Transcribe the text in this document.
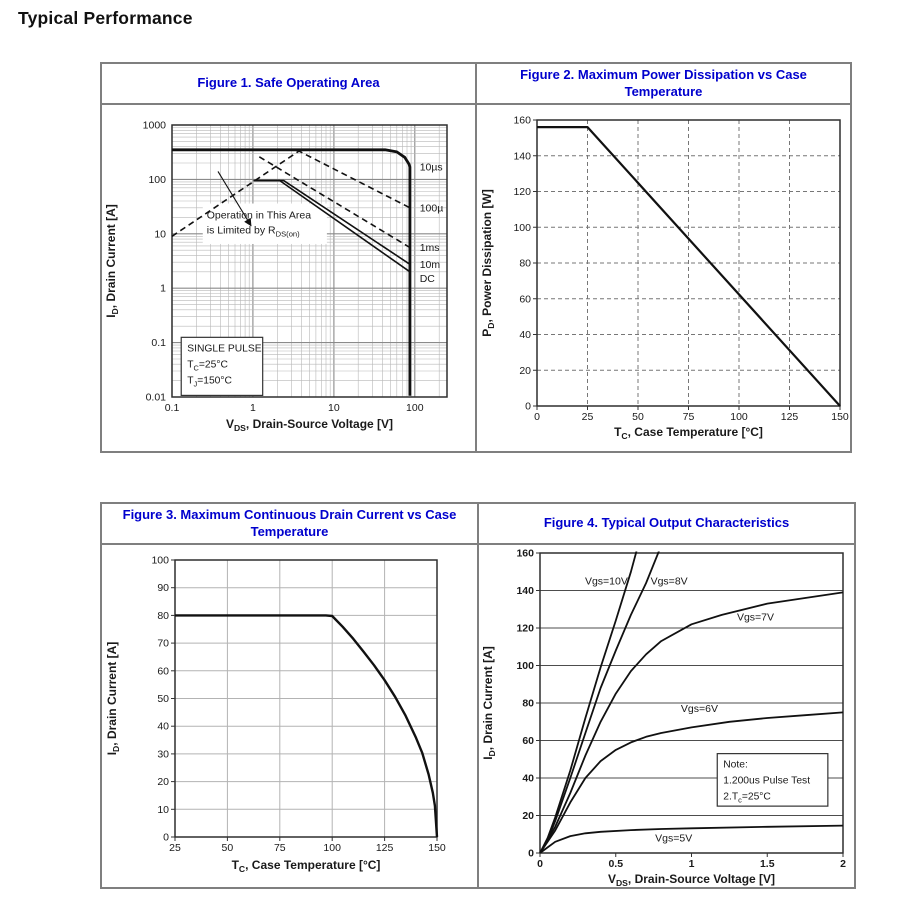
Typical Performance
Figure 1. Safe Operating Area
Figure 2. Maximum Power Dissipation vs Case Temperature
0.1	1	10	100
1000
100
10
1
0.1
0.01
$V_{DS}$, Drain-Source Voltage [V]
$I_D$, Drain Current [A]
10µs
100µ
1ms
10m
DC
SINGLE PULSE
$T_C=25^\circ C$
$T_J=150^\circ C$
Operation in This Area
is Limited by $R_{DS(on)}$
0	25	50	75	100	125	150
0
20
40
60
80
100
120
140
160
$T_C$, Case Temperature [°C]
$P_D$, Power Dissipation [W]
Figure 3. Maximum Continuous Drain Current vs Case Temperature
Figure 4. Typical Output Characteristics
25	50	75	100	125	150
0
10
20
30
40
50
60
70
80
90
100
$T_C$, Case Temperature [°C]
$I_D$, Drain Current [A]
0	0.5	1	1.5	2
0
20
40
60
80
100
120
140
160
$V_{DS}$, Drain-Source Voltage [V]
$I_D$, Drain Current [A]
Vgs=10V Vgs=8V
Vgs=7V
Vgs=6V
Vgs=5V
Note:
1.200us Pulse Test
$2.T_c=25^\circ C$
